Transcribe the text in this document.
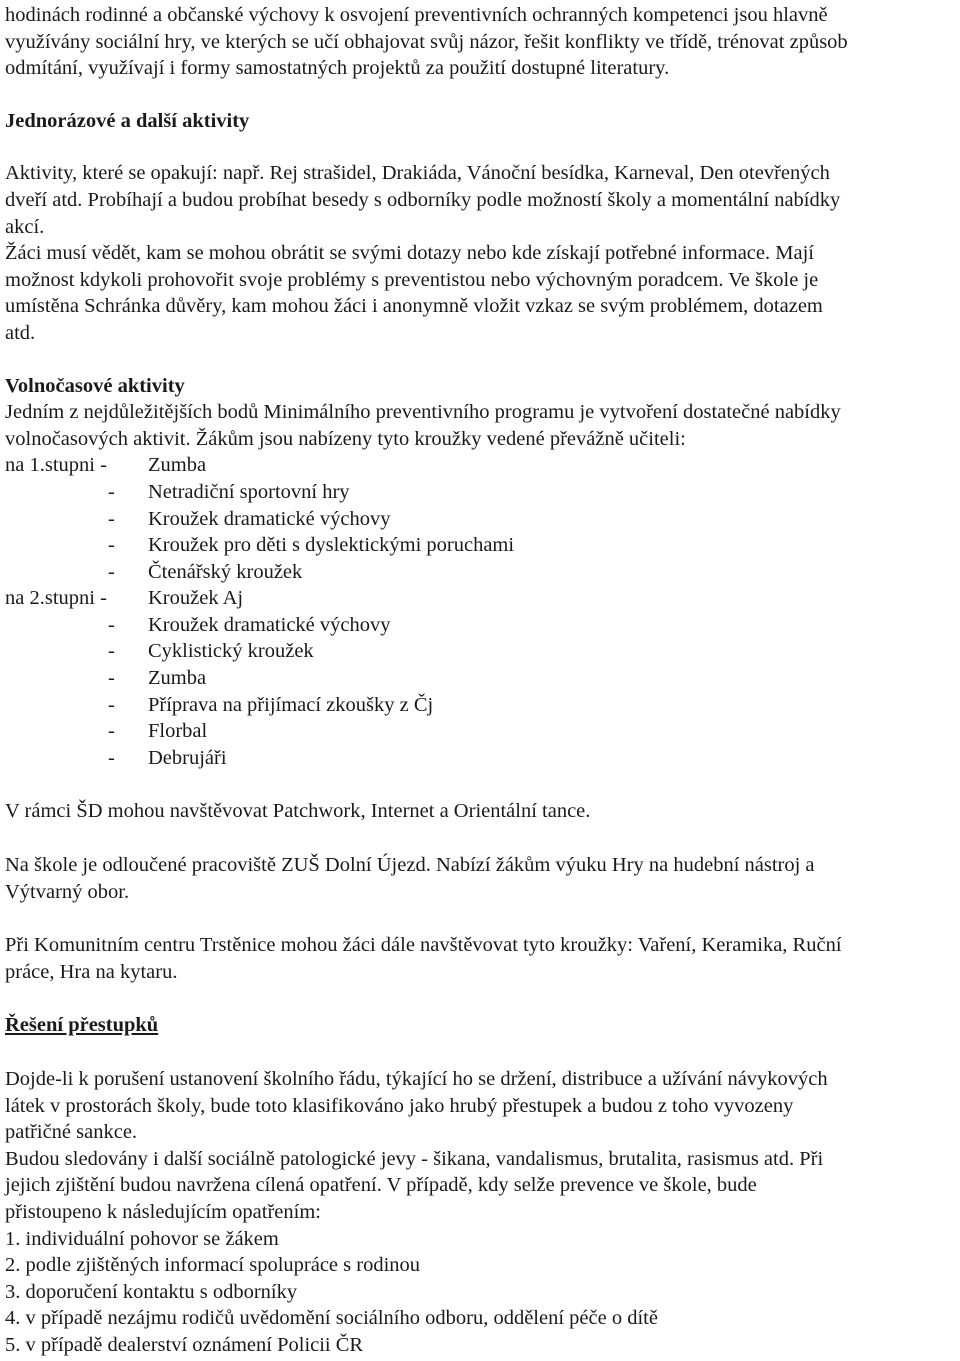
hodinách rodinné a občanské výchovy k osvojení preventivních ochranných kompetenci jsou hlavně

využívány sociální hry, ve kterých se učí obhajovat svůj názor, řešit konflikty ve třídě, trénovat způsob

odmítání, využívají i formy samostatných projektů za použití dostupné literatury.

Jednorázové a další aktivity

Aktivity, které se opakují: např. Rej strašidel, Drakiáda, Vánoční besídka, Karneval, Den otevřených

dveří atd. Probíhají a budou probíhat besedy s odborníky podle možností školy a momentální nabídky

akcí.

Žáci musí vědět, kam se mohou obrátit se svými dotazy nebo kde získají potřebné informace. Mají

možnost kdykoli prohovořit svoje problémy s preventistou nebo výchovným poradcem. Ve škole je

umístěna Schránka důvěry, kam mohou žáci i anonymně vložit vzkaz se svým problémem, dotazem

atd.

Volnočasové aktivity

Jedním z nejdůležitějších bodů Minimálního preventivního programu je vytvoření dostatečné nabídky

volnočasových aktivit. Žákům jsou nabízeny tyto kroužky vedené převážně učiteli:

na 1.stupni -	Zumba
-	Netradiční sportovní hry
-	Kroužek dramatické výchovy
-	Kroužek pro děti s dyslektickými poruchami
-	Čtenářský kroužek
na 2.stupni -	Kroužek Aj
-	Kroužek dramatické výchovy
-	Cyklistický kroužek
-	Zumba
-	Příprava na přijímací zkoušky z Čj
-	Florbal
-	Debrujáři

V rámci ŠD mohou navštěvovat Patchwork, Internet a Orientální tance.

Na škole je odloučené pracoviště ZUŠ Dolní Újezd. Nabízí žákům výuku Hry na hudební nástroj a

Výtvarný obor.

Při Komunitním centru Trstěnice mohou žáci dále navštěvovat tyto kroužky: Vaření, Keramika, Ruční

práce, Hra na kytaru.

Řešení přestupků

Dojde-li k porušení ustanovení školního řádu, týkající ho se držení, distribuce a užívání návykových

látek v prostorách školy, bude toto klasifikováno jako hrubý přestupek a budou z toho vyvozeny

patřičné sankce.

Budou sledovány i další sociálně patologické jevy - šikana, vandalismus, brutalita, rasismus atd. Při

jejich zjištění budou navržena cílená opatření. V případě, kdy selže prevence ve škole, bude

přistoupeno k následujícím opatřením:

1. individuální pohovor se žákem

2. podle zjištěných informací spolupráce s rodinou

3. doporučení kontaktu s odborníky

4. v případě nezájmu rodičů uvědomění sociálního odboru, oddělení péče o dítě

5. v případě dealerství oznámení Policii ČR
